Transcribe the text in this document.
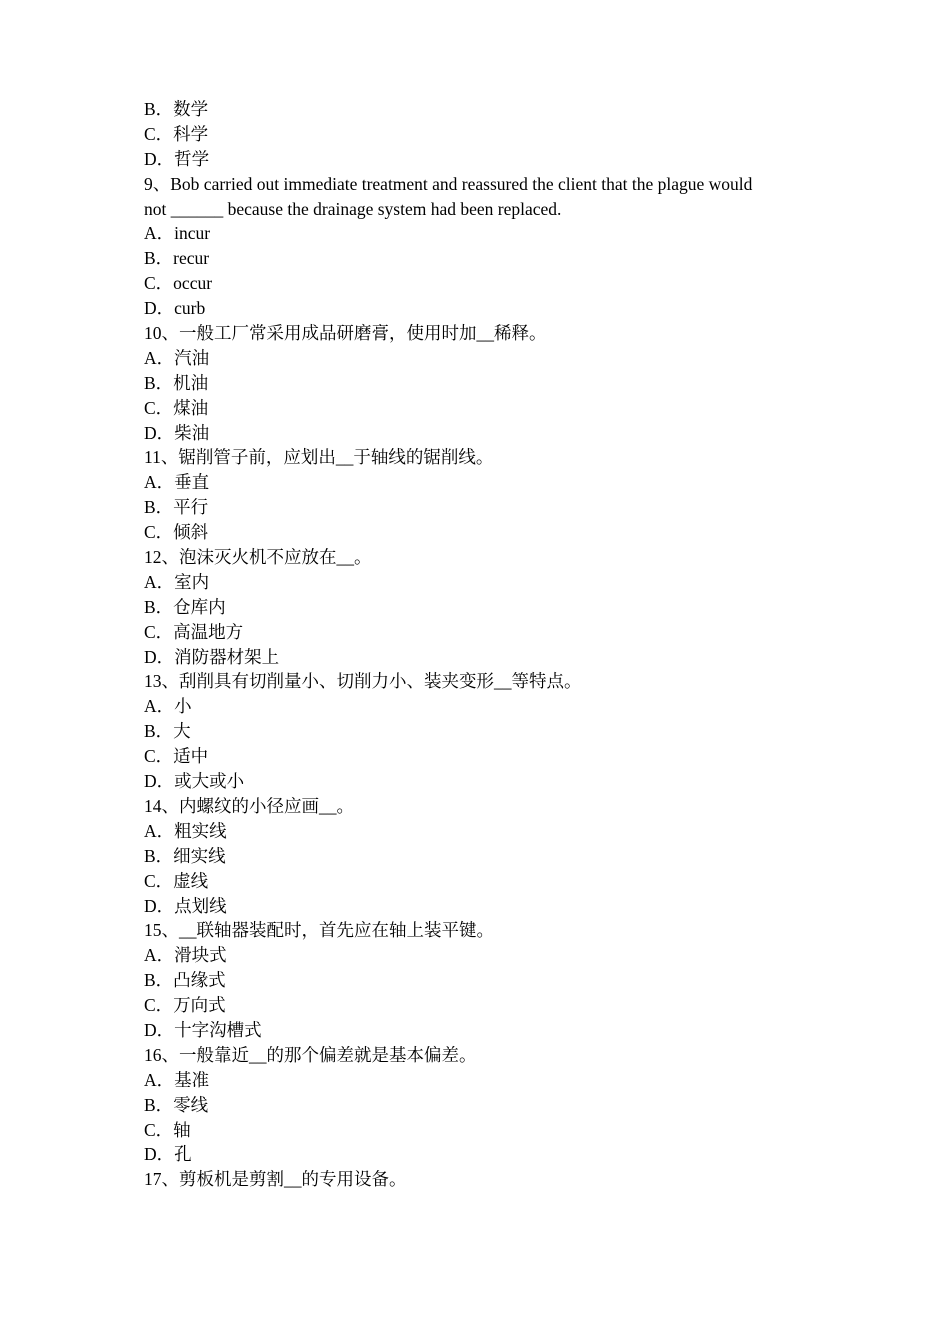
B．数学
C．科学
D．哲学
9、Bob carried out immediate treatment and reassured the client that the plague would
not ______ because the drainage system had been replaced.
A．incur
B．recur
C．occur
D．curb
10、一般工厂常采用成品研磨膏，使用时加__稀释。
A．汽油
B．机油
C．煤油
D．柴油
11、锯削管子前，应划出__于轴线的锯削线。
A．垂直
B．平行
C．倾斜
12、泡沫灭火机不应放在__。
A．室内
B．仓库内
C．高温地方
D．消防器材架上
13、刮削具有切削量小、切削力小、装夹变形__等特点。
A．小
B．大
C．适中
D．或大或小
14、内螺纹的小径应画__。
A．粗实线
B．细实线
C．虚线
D．点划线
15、__联轴器装配时，首先应在轴上装平键。
A．滑块式
B．凸缘式
C．万向式
D．十字沟槽式
16、一般靠近__的那个偏差就是基本偏差。
A．基准
B．零线
C．轴
D．孔
17、剪板机是剪割__的专用设备。
